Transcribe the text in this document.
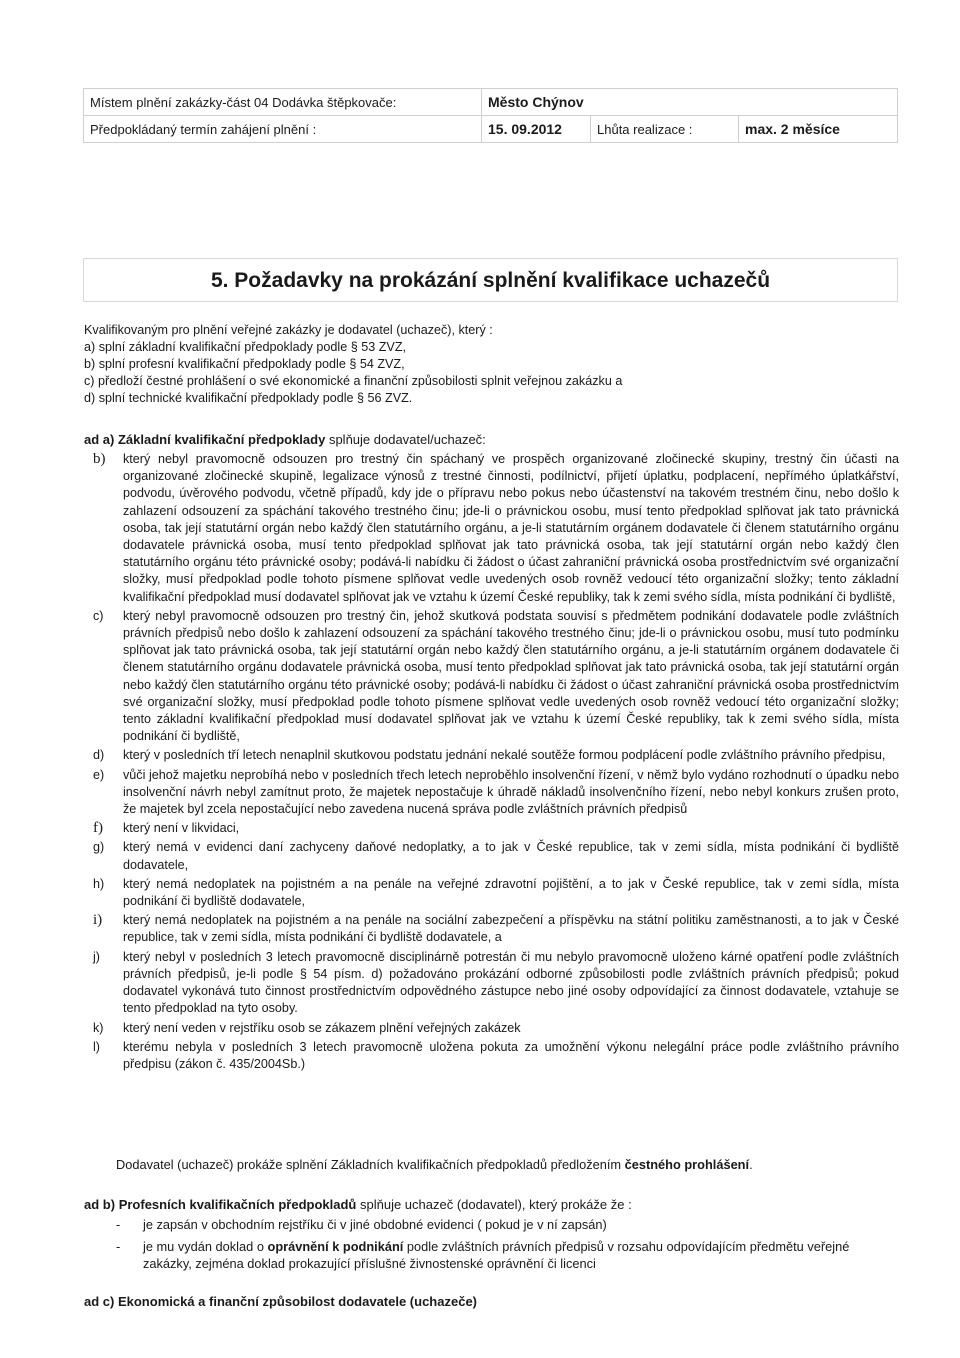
Místem plnění zakázky-část 04 Dodávka štěpkovače:	Město Chýnov		
Předpokládaný termín zahájení plnění :	15. 09.2012	Lhůta realizace :	max. 2 měsíce
5. Požadavky na prokázání splnění kvalifikace uchazečů
Kvalifikovaným pro plnění veřejné zakázky je dodavatel (uchazeč), který :
a) splní základní kvalifikační předpoklady podle § 53 ZVZ,
b) splní profesní kvalifikační předpoklady podle § 54 ZVZ,
c) předloží čestné prohlášení o své ekonomické a finanční způsobilosti splnit veřejnou zakázku a
d) splní technické kvalifikační předpoklady podle § 56 ZVZ.
ad a) Základní kvalifikační předpoklady splňuje dodavatel/uchazeč:
b)	který nebyl pravomocně odsouzen pro trestný čin spáchaný ve prospěch organizované zločinecké skupiny, trestný čin účasti na organizované zločinecké skupině, legalizace výnosů z trestné činnosti, podílnictví, přijetí úplatku, podplacení, nepřímého úplatkářství, podvodu, úvěrového podvodu, včetně případů, kdy jde o přípravu nebo pokus nebo účastenství na takovém trestném činu, nebo došlo k zahlazení odsouzení za spáchání takového trestného činu; jde-li o právnickou osobu, musí tento předpoklad splňovat jak tato právnická osoba, tak její statutární orgán nebo každý člen statutárního orgánu, a je-li statutárním orgánem dodavatele či členem statutárního orgánu dodavatele právnická osoba, musí tento předpoklad splňovat jak tato právnická osoba, tak její statutární orgán nebo každý člen statutárního orgánu této právnické osoby; podává-li nabídku či žádost o účast zahraniční právnická osoba prostřednictvím své organizační složky, musí předpoklad podle tohoto písmene splňovat vedle uvedených osob rovněž vedoucí této organizační složky; tento základní kvalifikační předpoklad musí dodavatel splňovat jak ve vztahu k území České republiky, tak k zemi svého sídla, místa podnikání či bydliště,
c)	který nebyl pravomocně odsouzen pro trestný čin, jehož skutková podstata souvisí s předmětem podnikání dodavatele podle zvláštních právních předpisů nebo došlo k zahlazení odsouzení za spáchání takového trestného činu; jde-li o právnickou osobu, musí tuto podmínku splňovat jak tato právnická osoba, tak její statutární orgán nebo každý člen statutárního orgánu, a je-li statutárním orgánem dodavatele či členem statutárního orgánu dodavatele právnická osoba, musí tento předpoklad splňovat jak tato právnická osoba, tak její statutární orgán nebo každý člen statutárního orgánu této právnické osoby; podává-li nabídku či žádost o účast zahraniční právnická osoba prostřednictvím své organizační složky, musí předpoklad podle tohoto písmene splňovat vedle uvedených osob rovněž vedoucí této organizační složky; tento základní kvalifikační předpoklad musí dodavatel splňovat jak ve vztahu k území České republiky, tak k zemi svého sídla, místa podnikání či bydliště,
d)	který v posledních tří letech nenaplnil skutkovou podstatu jednání nekalé soutěže formou podplácení podle zvláštního právního předpisu,
e)	vůči jehož majetku neprobíhá nebo v posledních třech letech neproběhlo insolvenční řízení, v němž bylo vydáno rozhodnutí o úpadku nebo insolvenční návrh nebyl zamítnut proto, že majetek nepostačuje k úhradě nákladů insolvenčního řízení, nebo nebyl konkurs zrušen proto, že majetek byl zcela nepostačující nebo zavedena nucená správa podle zvláštních právních předpisů
f)	který není v likvidaci,
g)	který nemá v evidenci daní zachyceny daňové nedoplatky, a to jak v České republice, tak v zemi sídla, místa podnikání či bydliště dodavatele,
h)	který nemá nedoplatek na pojistném a na penále na veřejné zdravotní pojištění, a to jak v České republice, tak v zemi sídla, místa podnikání či bydliště dodavatele,
i)	který nemá nedoplatek na pojistném a na penále na sociální zabezpečení a příspěvku na státní politiku zaměstnanosti, a to jak v České republice, tak v zemi sídla, místa podnikání či bydliště dodavatele, a
j)	který nebyl v posledních 3 letech pravomocně disciplinárně potrestán či mu nebylo pravomocně uloženo kárné opatření podle zvláštních právních předpisů, je-li podle § 54 písm. d) požadováno prokázání odborné způsobilosti podle zvláštních právních předpisů; pokud dodavatel vykonává tuto činnost prostřednictvím odpovědného zástupce nebo jiné osoby odpovídající za činnost dodavatele, vztahuje se tento předpoklad na tyto osoby.
k)	který není veden v rejstříku osob se zákazem plnění veřejných zakázek
l)	kterému nebyla v posledních 3 letech pravomocně uložena pokuta za umožnění výkonu nelegální práce podle zvláštního právního předpisu (zákon č. 435/2004Sb.)
Dodavatel (uchazeč) prokáže splnění Základních kvalifikačních předpokladů předložením čestného prohlášení.
ad b) Profesních kvalifikačních předpokladů splňuje uchazeč (dodavatel), který prokáže že :
- je zapsán v obchodním rejstříku či v jiné obdobné evidenci ( pokud je v ní zapsán)
- je mu vydán doklad o oprávnění k podnikání podle zvláštních právních předpisů v rozsahu odpovídajícím předmětu veřejné zakázky, zejména doklad prokazující příslušné živnostenské oprávnění či licenci
ad c) Ekonomická a finanční způsobilost dodavatele (uchazeče)
